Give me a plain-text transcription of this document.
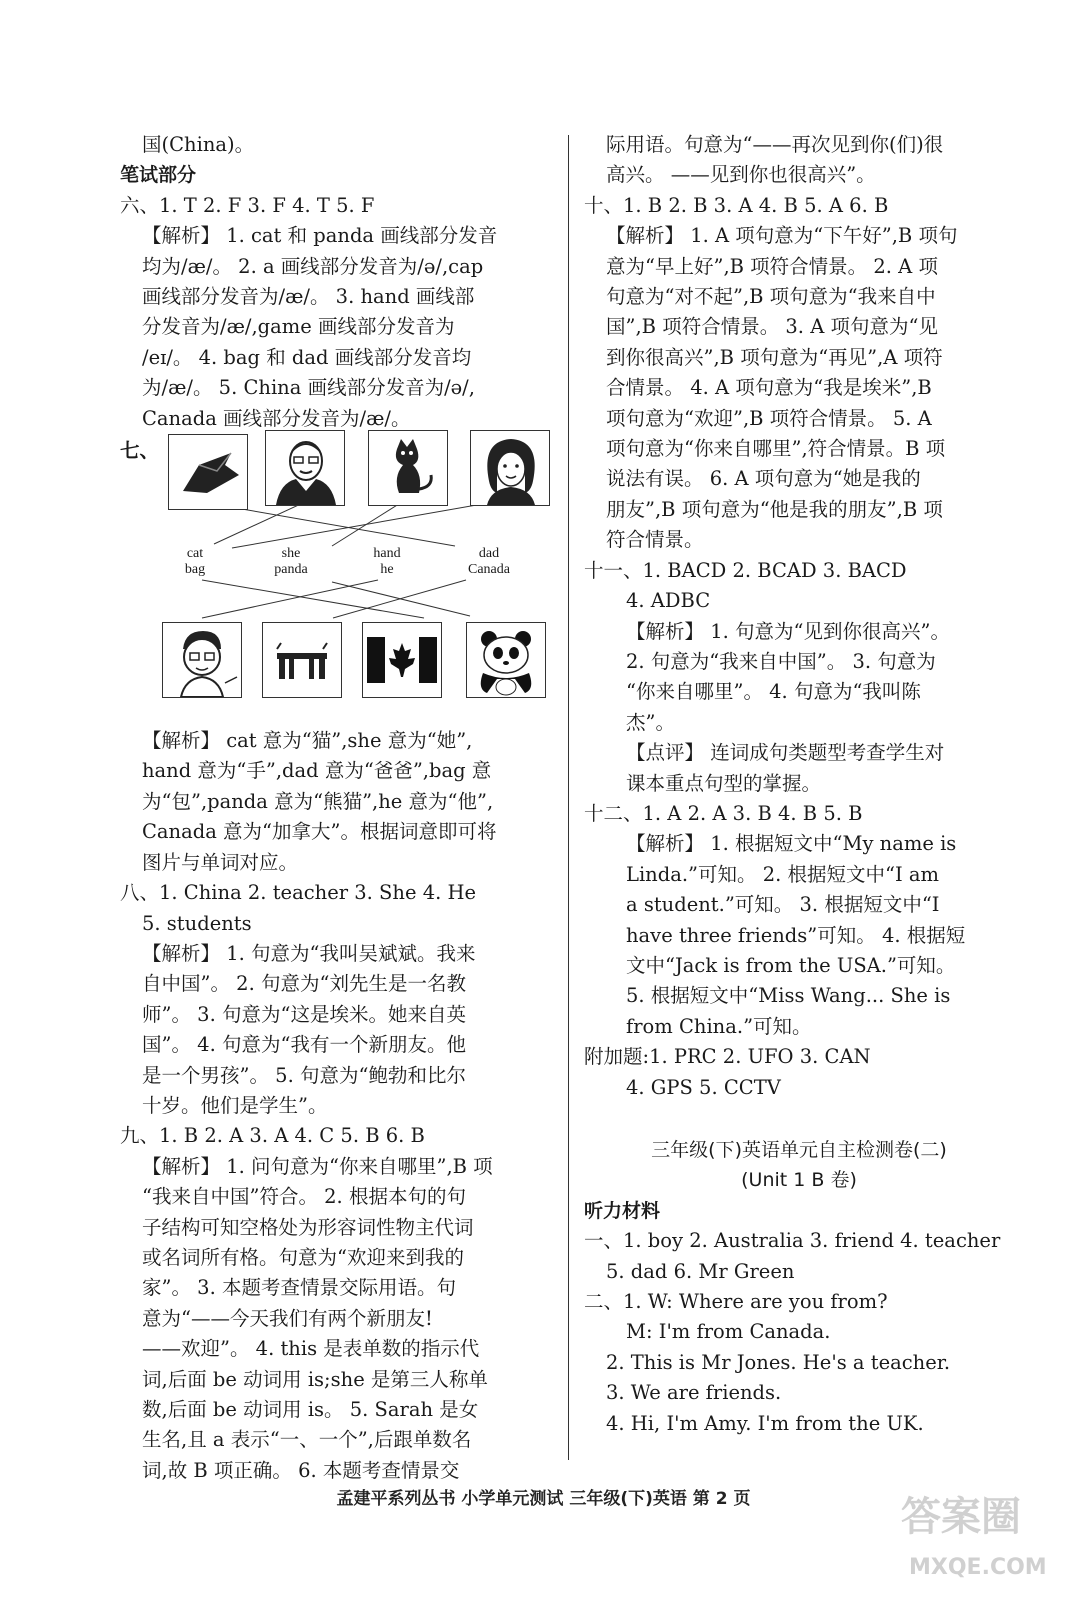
国(China)。
笔试部分
六、1. T 2. F 3. F 4. T 5. F
【解析】 1. cat 和 panda 画线部分发音
均为/æ/。 2. a 画线部分发音为/ə/,cap
画线部分发音为/æ/。 3. hand 画线部
分发音为/æ/,game 画线部分发音为
/eɪ/。 4. bag 和 dad 画线部分发音均
为/æ/。 5. China 画线部分发音为/ə/,
Canada 画线部分发音为/æ/。
七、
cat
bag
she
panda
hand
he
dad
Canada
【解析】 cat 意为“猫”,she 意为“她”,
hand 意为“手”,dad 意为“爸爸”,bag 意
为“包”,panda 意为“熊猫”,he 意为“他”,
Canada 意为“加拿大”。根据词意即可将
图片与单词对应。
八、1. China 2. teacher 3. She 4. He
5. students
【解析】 1. 句意为“我叫吴斌斌。我来
自中国”。 2. 句意为“刘先生是一名教
师”。 3. 句意为“这是埃米。她来自英
国”。 4. 句意为“我有一个新朋友。他
是一个男孩”。 5. 句意为“鲍勃和比尔
十岁。他们是学生”。
九、1. B 2. A 3. A 4. C 5. B 6. B
【解析】 1. 问句意为“你来自哪里”,B 项
“我来自中国”符合。 2. 根据本句的句
子结构可知空格处为形容词性物主代词
或名词所有格。句意为“欢迎来到我的
家”。 3. 本题考查情景交际用语。句
意为“——今天我们有两个新朋友!
——欢迎”。 4. this 是表单数的指示代
词,后面 be 动词用 is;she 是第三人称单
数,后面 be 动词用 is。 5. Sarah 是女
生名,且 a 表示“一、一个”,后跟单数名
词,故 B 项正确。 6. 本题考查情景交
际用语。句意为“——再次见到你(们)很
高兴。 ——见到你也很高兴”。
十、1. B 2. B 3. A 4. B 5. A 6. B
【解析】 1. A 项句意为“下午好”,B 项句
意为“早上好”,B 项符合情景。 2. A 项
句意为“对不起”,B 项句意为“我来自中
国”,B 项符合情景。 3. A 项句意为“见
到你很高兴”,B 项句意为“再见”,A 项符
合情景。 4. A 项句意为“我是埃米”,B
项句意为“欢迎”,B 项符合情景。 5. A
项句意为“你来自哪里”,符合情景。B 项
说法有误。 6. A 项句意为“她是我的
朋友”,B 项句意为“他是我的朋友”,B 项
符合情景。
十一、1. BACD 2. BCAD 3. BACD
4. ADBC
【解析】 1. 句意为“见到你很高兴”。
2. 句意为“我来自中国”。 3. 句意为
“你来自哪里”。 4. 句意为“我叫陈
杰”。
【点评】 连词成句类题型考查学生对
课本重点句型的掌握。
十二、1. A 2. A 3. B 4. B 5. B
【解析】 1. 根据短文中“My name is
Linda.”可知。 2. 根据短文中“I am
a student.”可知。 3. 根据短文中“I
have three friends”可知。 4. 根据短
文中“Jack is from the USA.”可知。
5. 根据短文中“Miss Wang... She is
from China.”可知。
附加题:1. PRC 2. UFO 3. CAN
4. GPS 5. CCTV
三年级(下)英语单元自主检测卷(二)
(Unit 1 B 卷)
听力材料
一、1. boy 2. Australia 3. friend 4. teacher
5. dad 6. Mr Green
二、1. W: Where are you from?
M: I'm from Canada.
2. This is Mr Jones. He's a teacher.
3. We are friends.
4. Hi, I'm Amy. I'm from the UK.
孟建平系列丛书 小学单元测试 三年级(下)英语 第 2 页	答案圈
MXQE.COM
